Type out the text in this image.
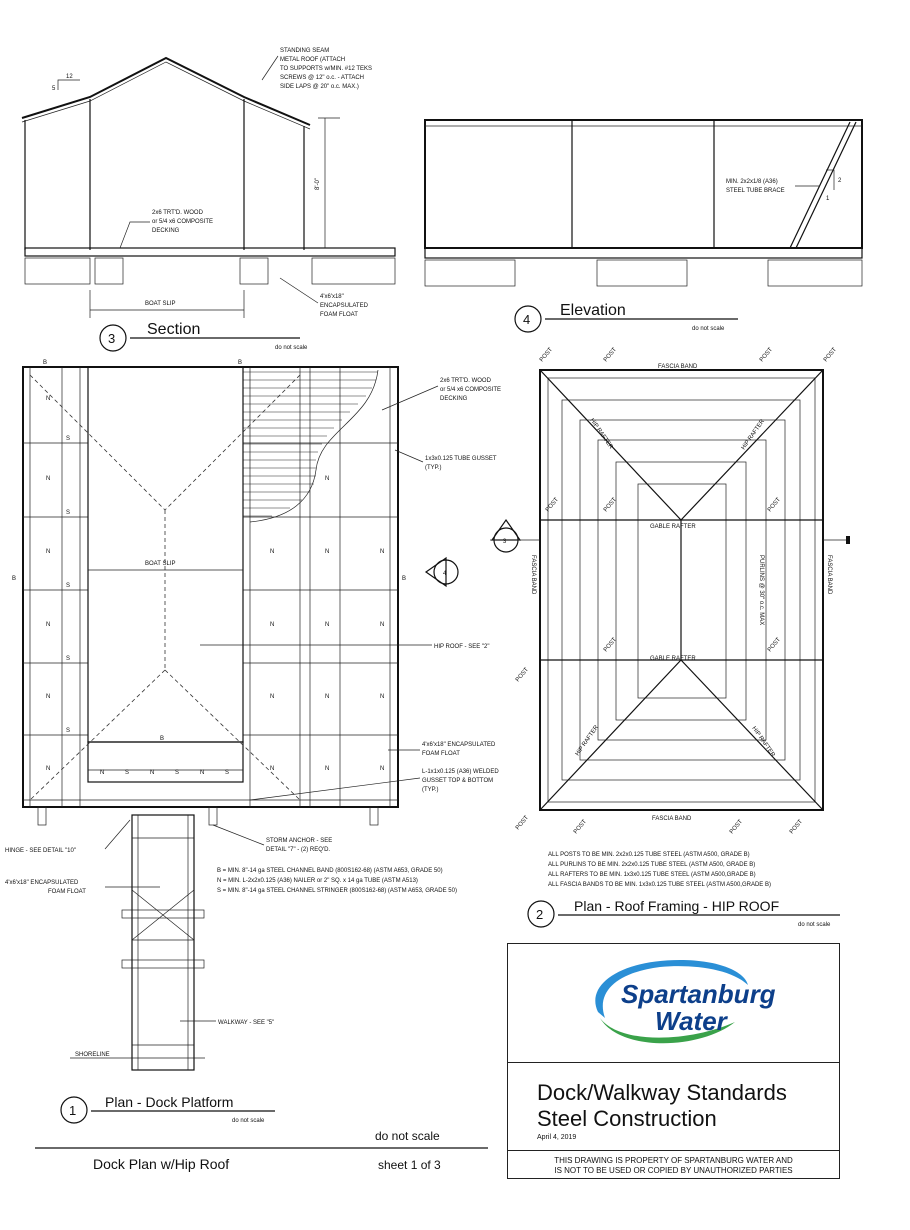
12
5
8'-0"
STANDING SEAM
METAL ROOF (ATTACH
TO SUPPORTS w/MIN. #12 TEKS
SCREWS @ 12" o.c. - ATTACH
SIDE LAPS @ 20" o.c. MAX.)
2x6 TRT'D. WOOD
or 5/4 x6 COMPOSITE
DECKING
BOAT SLIP
4'x6'x18"
ENCAPSULATED
FOAM FLOAT
3
Section
do not scale
MIN. 2x2x1/8 (A36)
STEEL TUBE BRACE
2
1
4
Elevation
do not scale
N
N
N
N
N
N
S
S
S
S
S
N
N
N
N
N
N
N
N
N
N
N
N
N
B	B
B
B	B
N	S	N	S	N	S
BOAT SLIP
2x6 TRT'D. WOOD
or 5/4 x6 COMPOSITE
DECKING
1x3x0.125 TUBE GUSSET
(TYP.)
HIP ROOF - SEE "2"
4'x6'x18" ENCAPSULATED
FOAM FLOAT
L-1x1x0.125 (A36) WELDED
GUSSET TOP & BOTTOM
(TYP.)
HINGE - SEE DETAIL "10"
STORM ANCHOR - SEE
DETAIL "7" - (2) REQ'D.
B = MIN. 8"-14 ga STEEL CHANNEL BAND (800S162-68) (ASTM A653, GRADE 50)
N = MIN. L-2x2x0.125 (A36) NAILER or 2" SQ. x 14 ga TUBE (ASTM A513)
S = MIN. 8"-14 ga STEEL CHANNEL STRINGER (800S162-68) (ASTM A653, GRADE 50)
4
4'x6'x18" ENCAPSULATED
FOAM FLOAT
WALKWAY - SEE "5"
SHORELINE
1
Plan - Dock Platform
do not scale
FASCIA BAND
FASCIA BAND
FASCIA BAND	FASCIA BAND
GABLE RAFTER
GABLE RAFTER
PURLINS @ 30" o.c. MAX
HIP RAFTER	HIP RAFTER
HIP RAFTER	HIP RAFTER
POST	POST	POST	POST
POST	POST	POST
POST	POST
POST
POST	POST	POST	POST
3
ALL POSTS TO BE MIN. 2x2x0.125 TUBE STEEL (ASTM A500, GRADE B)
ALL PURLINS TO BE MIN. 2x2x0.125 TUBE STEEL (ASTM A500, GRADE B)
ALL RAFTERS TO BE MIN. 1x3x0.125 TUBE STEEL (ASTM A500,GRADE B)
ALL FASCIA BANDS TO BE MIN. 1x3x0.125 TUBE STEEL (ASTM A500,GRADE B)
2
Plan - Roof Framing - HIP ROOF
do not scale
do not scale
Dock Plan w/Hip Roof	sheet 1 of 3
Spartanburg
Water
Dock/Walkway Standards
Steel Construction
April 4, 2019
THIS DRAWING IS PROPERTY OF SPARTANBURG WATER AND
IS NOT TO BE USED OR COPIED BY UNAUTHORIZED PARTIES
